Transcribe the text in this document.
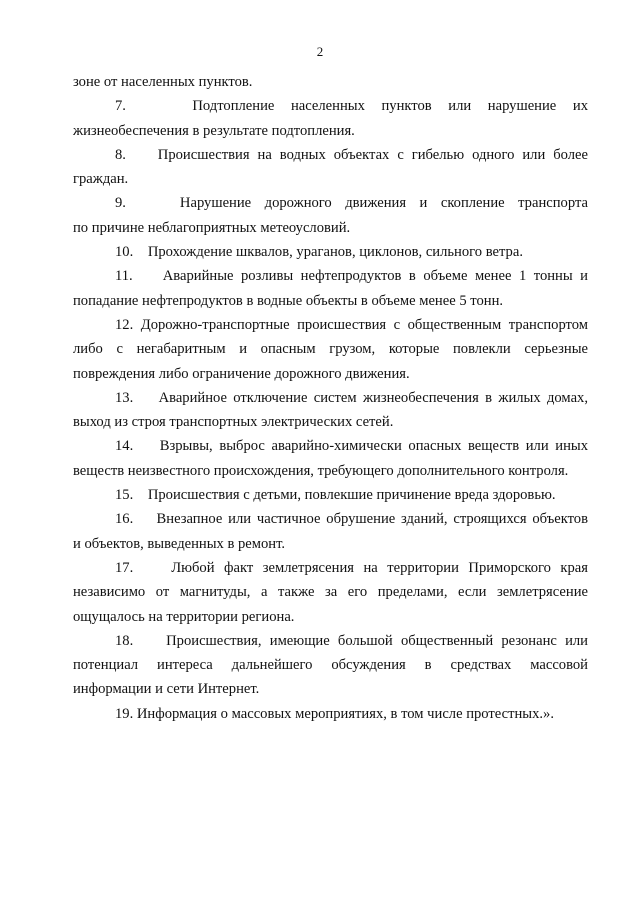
2

зоне от населенных пунктов.

7.    Подтопление населенных пунктов или нарушение их
жизнеобеспечения в результате подтопления.

8.    Происшествия на водных объектах с гибелью одного или более
граждан.

9.    Нарушение дорожного движения и скопление транспорта
по причине неблагоприятных метеоусловий.

10.    Прохождение шквалов, ураганов, циклонов, сильного ветра.

11.    Аварийные розливы нефтепродуктов в объеме менее 1 тонны и
попадание нефтепродуктов в водные объекты в объеме менее 5 тонн.

12. Дорожно-транспортные происшествия с общественным транспортом
либо с негабаритным и опасным грузом, которые повлекли серьезные
повреждения либо ограничение дорожного движения.

13.    Аварийное отключение систем жизнеобеспечения в жилых домах,
выход из строя транспортных электрических сетей.

14.    Взрывы, выброс аварийно-химически опасных веществ или иных
веществ неизвестного происхождения, требующего дополнительного контроля.

15.    Происшествия с детьми, повлекшие причинение вреда здоровью.

16.    Внезапное или частичное обрушение зданий, строящихся объектов
и объектов, выведенных в ремонт.

17.    Любой факт землетрясения на территории Приморского края
независимо от магнитуды, а также за его пределами, если землетрясение
ощущалось на территории региона.

18.    Происшествия, имеющие большой общественный резонанс или
потенциал интереса дальнейшего обсуждения в средствах массовой
информации и сети Интернет.

19. Информация о массовых мероприятиях, в том числе протестных.».
